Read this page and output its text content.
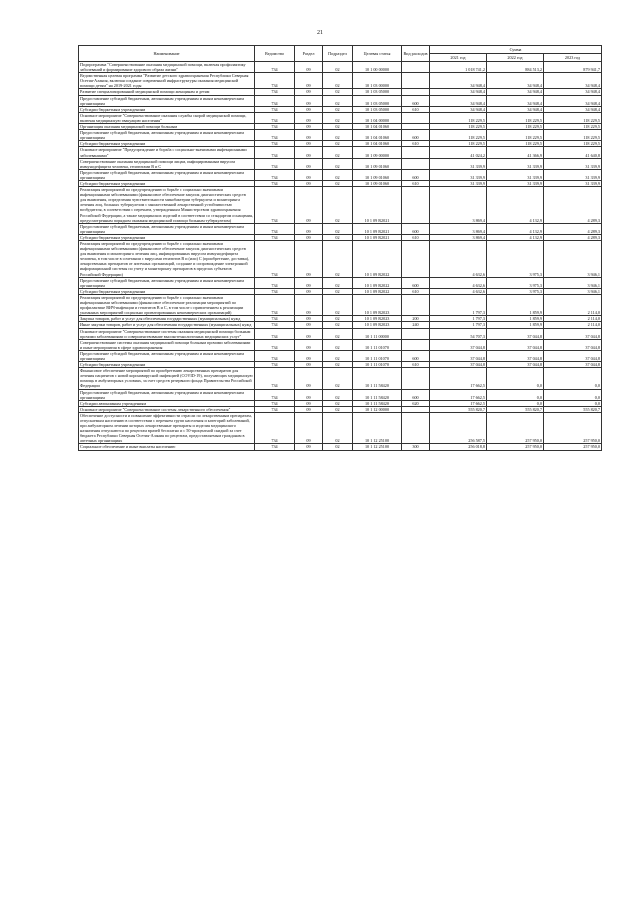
21
Наименование	Ведомство	Раздел	Подраздел	Целевая статья	Вид расходов	Сумма		
						2021 год	2022 год	2023 год
Подпрограмма "Совершенствование оказания медицинской помощи, включая профилактику заболеваний и формирование здорового образа жизни"	734	09	02	10 1 00 00000		1 018 741,2	884 513,2	879 941,7
Ведомственная целевая программа "Развитие детского здравоохранения Республики Северная Осетия-Алания, включая создание современной инфраструктуры оказания медицинской помощи детям" на 2019-2021 годы	734	09	02	10 1 03 00000		34 948,4	34 948,4	34 948,4
Развитие специализированной медицинской помощи женщинам и детям	734	09	02	10 1 03 05000		34 948,4	34 948,4	34 948,4
Предоставление субсидий бюджетным, автономным учреждениям и иным некоммерческим организациям	734	09	02	10 1 03 05000	600	34 948,4	34 948,4	34 948,4
Субсидии бюджетным учреждениям	734	09	02	10 1 03 05000	610	34 948,4	34 948,4	34 948,4
Основное мероприятие "Совершенствование оказания службы скорой медицинской помощи, включая медицинскую эвакуацию населения"	734	09	02	10 1 04 00000		118 229,5	118 229,5	118 229,5
Организация оказания медицинской помощи больным	734	09	02	10 1 04 01060		118 229,5	118 229,5	118 229,5
Предоставление субсидий бюджетным, автономным учреждениям и иным некоммерческим организациям	734	09	02	10 1 04 01060	600	118 229,5	118 229,5	118 229,5
Субсидии бюджетным учреждениям	734	09	02	10 1 04 01060	610	118 229,5	118 229,5	118 229,5
Основное мероприятие "Предупреждение и борьба с социально-значимыми инфекционными заболеваниями"	734	09	02	10 1 09 00000		41 024,2	41 366,9	41 640,8
Совершенствование оказания медицинской помощи лицам, инфицированным вирусом иммунодефицита человека, гепатитами В и С	734	09	02	10 1 09 01060		31 339,9	31 339,9	31 339,9
Предоставление субсидий бюджетным, автономным учреждениям и иным некоммерческим организациям	734	09	02	10 1 09 01060	600	31 339,9	31 339,9	31 339,9
Субсидии бюджетным учреждениям	734	09	02	10 1 09 01060	610	31 339,9	31 339,9	31 339,9
Реализация мероприятий по предупреждению и борьбе с социально значимыми инфекционными заболеваниями (финансовое обеспечение закупок диагностических средств для выявления, определения чувствительности микобактерии туберкулеза и мониторинга лечения лиц, больных туберкулезом с множественной лекарственной устойчивостью возбудителя, в соответствии с перечнем, утвержденным Министерством здравоохранения Российской Федерации, а также медицинских изделий в соответствии со стандартом оснащения, предусмотренным порядком оказания медицинской помощи больным туберкулезом)	734	09	02	10 1 09 R2021		3 869,4	4 132,9	4 289,3
Предоставление субсидий бюджетным, автономным учреждениям и иным некоммерческим организациям	734	09	02	10 1 09 R2021	600	3 869,4	4 132,9	4 289,3
Субсидии бюджетным учреждениям	734	09	02	10 1 09 R2021	610	3 869,4	4 132,9	4 289,3
Реализация мероприятий по предупреждению и борьбе с социально значимыми инфекционными заболеваниями (финансовое обеспечение закупок диагностических средств для выявления и мониторинга лечения лиц, инфицированных вирусом иммунодефицита человека, в том числе в сочетании с вирусами гепатитов В и (или) С (приобретение, доставка), лекарственных препаратов от аптечных организаций, создание и сопровождение электронной информационной системы по учету и мониторингу препаратов в пределах субъектов Российской Федерации)	734	09	02	10 1 09 R2022		4 632,6	3 975,3	3 946,1
Предоставление субсидий бюджетным, автономным учреждениям и иным некоммерческим организациям	734	09	02	10 1 09 R2022	600	4 632,6	3 975,3	3 946,1
Субсидии бюджетным учреждениям	734	09	02	10 1 09 R2022	610	4 632,6	3 975,3	3 946,1
Реализация мероприятий по предупреждению и борьбе с социально значимыми инфекционными заболеваниями (финансовое обеспечение реализации мероприятий по профилактике ВИЧ-инфекции и гепатитов В и С, в том числе с привлечением к реализации указанных мероприятий социально ориентированных некоммерческих организаций)	734	09	02	10 1 09 R2023		1 797,3	1 859,9	2 114,0
Закупка товаров, работ и услуг для обеспечения государственных (муниципальных) нужд	734	09	02	10 1 09 R2023	200	1 797,3	1 859,9	2 114,0
Иные закупки товаров, работ и услуг для обеспечения государственных (муниципальных) нужд	734	09	02	10 1 09 R2023	240	1 797,3	1 859,9	2 114,0
Основное мероприятие "Совершенствование системы оказания медицинской помощи больным прочими заболеваниями и совершенствование высокотехнологичных медицинских услуг"	734	09	02	10 1 11 00000		54 707,3	37 044,8	37 044,8
Совершенствование системы оказания медицинской помощи больным прочими заболеваниями и иные мероприятия в сфере здравоохранения	734	09	02	10 1 11 01070		37 044,8	37 044,8	37 044,8
Предоставление субсидий бюджетным, автономным учреждениям и иным некоммерческим организациям	734	09	02	10 1 11 01070	600	37 044,8	37 044,8	37 044,8
Субсидии бюджетным учреждениям	734	09	02	10 1 11 01070	610	37 044,8	37 044,8	37 044,8
Финансовое обеспечение мероприятий по приобретению лекарственных препаратов для лечения пациентов с новой коронавирусной инфекцией (COVID-19), получающих медицинскую помощь в амбулаторных условиях, за счет средств резервного фонда Правительства Российской Федерации	734	09	02	10 1 11 58420		17 662,5	0,0	0,0
Предоставление субсидий бюджетным, автономным учреждениям и иным некоммерческим организациям	734	09	02	10 1 11 58420	600	17 662,5	0,0	0,0
Субсидии автономным учреждениям	734	09	02	10 1 11 58420	620	17 662,5	0,0	0,0
Основное мероприятие "Совершенствование системы лекарственного обеспечения"	734	09	02	10 1 12 00000		555 820,7	555 820,7	555 820,7
Обеспечение доступности и повышение эффективности отрасли по лекарственным препаратам, отпускаемым населению в соответствии с перечнем групп населения и категорий заболеваний, при амбулаторном лечении которых лекарственные препараты и изделия медицинского назначения отпускаются по рецептам врачей бесплатно и с 50-процентной скидкой за счет бюджета Республики Северная Осетия-Алания по рецептам, предоставляемым гражданам в аптечных организациях	734	09	02	10 1 12 25100		256 587,5	257 950,0	257 950,0
Социальное обеспечение и иные выплаты населению	734	09	02	10 1 12 25100	300	256 018,8	257 950,0	257 950,0
